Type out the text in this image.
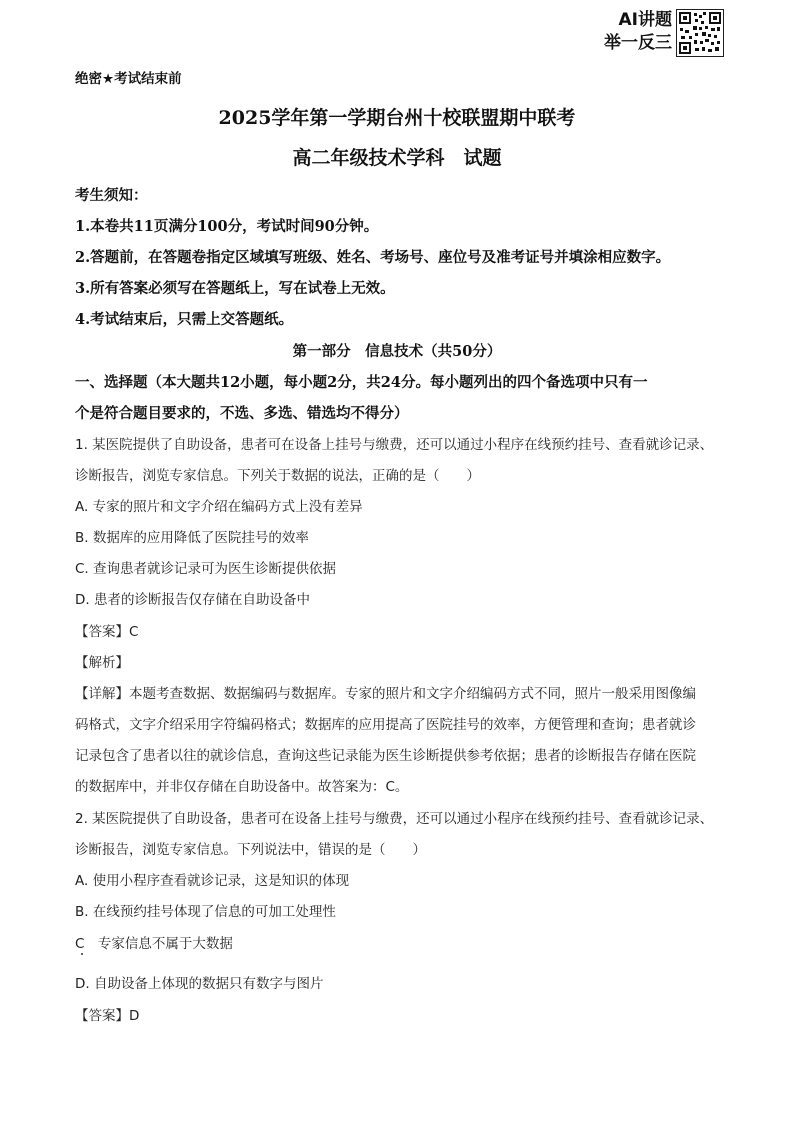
AI讲题
举一反三
绝密★考试结束前
2025学年第一学期台州十校联盟期中联考
高二年级技术学科　试题
考生须知：
1.本卷共11页满分100分，考试时间90分钟。
2.答题前，在答题卷指定区域填写班级、姓名、考场号、座位号及准考证号并填涂相应数字。
3.所有答案必须写在答题纸上，写在试卷上无效。
4.考试结束后，只需上交答题纸。
第一部分　信息技术（共50分）
一、选择题（本大题共12小题，每小题2分，共24分。每小题列出的四个备选项中只有一
个是符合题目要求的，不选、多选、错选均不得分）
1. 某医院提供了自助设备，患者可在设备上挂号与缴费，还可以通过小程序在线预约挂号、查看就诊记录、
诊断报告，浏览专家信息。下列关于数据的说法，正确的是（　　）
A. 专家的照片和文字介绍在编码方式上没有差异
B. 数据库的应用降低了医院挂号的效率
C. 查询患者就诊记录可为医生诊断提供依据
D. 患者的诊断报告仅存储在自助设备中
【答案】C
【解析】
【详解】本题考查数据、数据编码与数据库。专家的照片和文字介绍编码方式不同，照片一般采用图像编
码格式，文字介绍采用字符编码格式；数据库的应用提高了医院挂号的效率，方便管理和查询；患者就诊
记录包含了患者以往的就诊信息，查询这些记录能为医生诊断提供参考依据；患者的诊断报告存储在医院
的数据库中，并非仅存储在自助设备中。故答案为：C。
2. 某医院提供了自助设备，患者可在设备上挂号与缴费，还可以通过小程序在线预约挂号、查看就诊记录、
诊断报告，浏览专家信息。下列说法中，错误的是（　　）
A. 使用小程序查看就诊记录，这是知识的体现
B. 在线预约挂号体现了信息的可加工处理性
C　专家信息不属于大数据
D. 自助设备上体现的数据只有数字与图片
【答案】D
